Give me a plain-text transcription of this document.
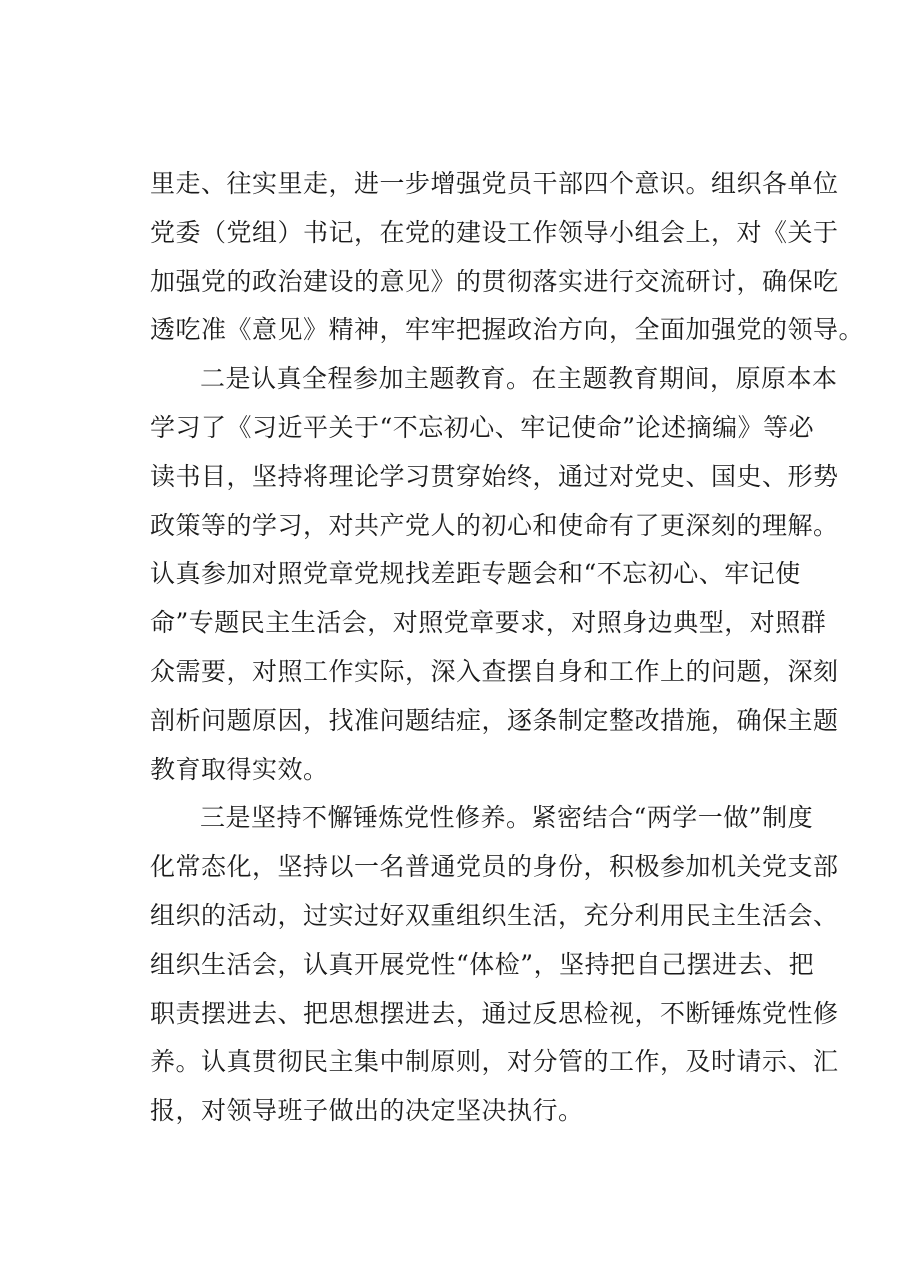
里走、往实里走，进一步增强党员干部四个意识。组织各单位
党委（党组）书记，在党的建设工作领导小组会上，对《关于
加强党的政治建设的意见》的贯彻落实进行交流研讨，确保吃
透吃准《意见》精神，牢牢把握政治方向，全面加强党的领导。
二是认真全程参加主题教育。在主题教育期间，原原本本
学习了《习近平关于“不忘初心、牢记使命”论述摘编》等必
读书目，坚持将理论学习贯穿始终，通过对党史、国史、形势
政策等的学习，对共产党人的初心和使命有了更深刻的理解。
认真参加对照党章党规找差距专题会和“不忘初心、牢记使
命”专题民主生活会，对照党章要求，对照身边典型，对照群
众需要，对照工作实际，深入查摆自身和工作上的问题，深刻
剖析问题原因，找准问题结症，逐条制定整改措施，确保主题
教育取得实效。
三是坚持不懈锤炼党性修养。紧密结合“两学一做”制度
化常态化，坚持以一名普通党员的身份，积极参加机关党支部
组织的活动，过实过好双重组织生活，充分利用民主生活会、
组织生活会，认真开展党性“体检”，坚持把自己摆进去、把
职责摆进去、把思想摆进去，通过反思检视，不断锤炼党性修
养。认真贯彻民主集中制原则，对分管的工作，及时请示、汇
报，对领导班子做出的决定坚决执行。
